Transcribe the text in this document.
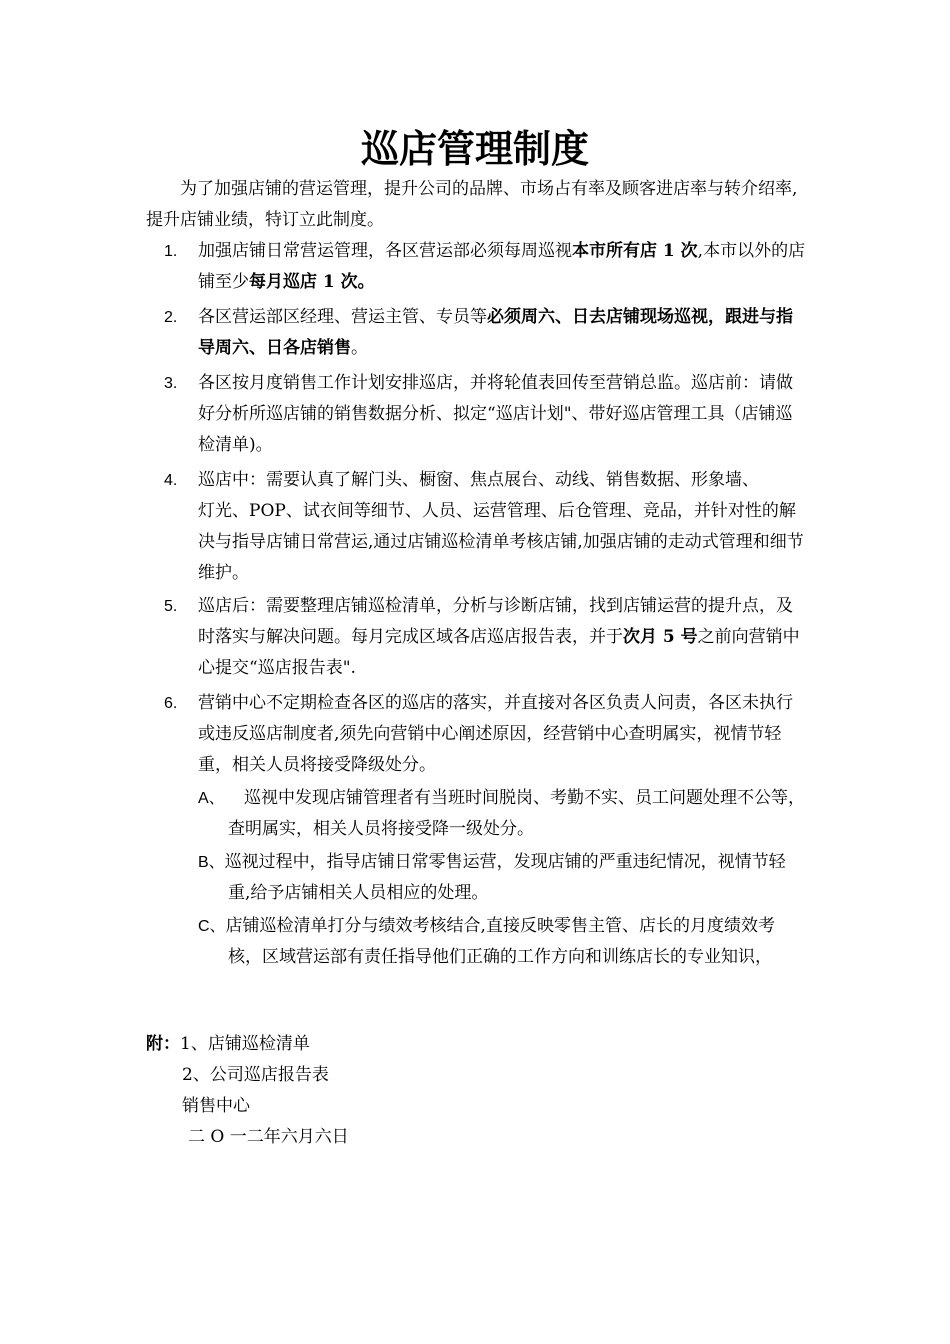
巡店管理制度
为了加强店铺的营运管理，提升公司的品牌、市场占有率及顾客进店率与转介绍率,提升店铺业绩，特订立此制度。
1. 加强店铺日常营运管理，各区营运部必须每周巡视本市所有店 1 次,本市以外的店铺至少每月巡店 1 次。
2. 各区营运部区经理、营运主管、专员等必须周六、日去店铺现场巡视，跟进与指导周六、日各店销售。
3. 各区按月度销售工作计划安排巡店，并将轮值表回传至营销总监。巡店前：请做好分析所巡店铺的销售数据分析、拟定“巡店计划"、带好巡店管理工具（店铺巡检清单)。
4. 巡店中：需要认真了解门头、橱窗、焦点展台、动线、销售数据、形象墙、
灯光、POP、试衣间等细节、人员、运营管理、后仓管理、竞品，并针对性的解决与指导店铺日常营运,通过店铺巡检清单考核店铺,加强店铺的走动式管理和细节维护。
5. 巡店后：需要整理店铺巡检清单，分析与诊断店铺，找到店铺运营的提升点，及时落实与解决问题。每月完成区域各店巡店报告表，并于次月 5 号之前向营销中心提交“巡店报告表".
6. 营销中心不定期检查各区的巡店的落实，并直接对各区负责人问责，各区未执行或违反巡店制度者,须先向营销中心阐述原因，经营销中心查明属实，视情节轻重，相关人员将接受降级处分。
A、 巡视中发现店铺管理者有当班时间脱岗、考勤不实、员工问题处理不公等，查明属实，相关人员将接受降一级处分。
B、巡视过程中，指导店铺日常零售运营，发现店铺的严重违纪情况，视情节轻重,给予店铺相关人员相应的处理。
C、店铺巡检清单打分与绩效考核结合,直接反映零售主管、店长的月度绩效考核，区域营运部有责任指导他们正确的工作方向和训练店长的专业知识，
附：1、店铺巡检清单
2、公司巡店报告表
销售中心
二 O 一二年六月六日
